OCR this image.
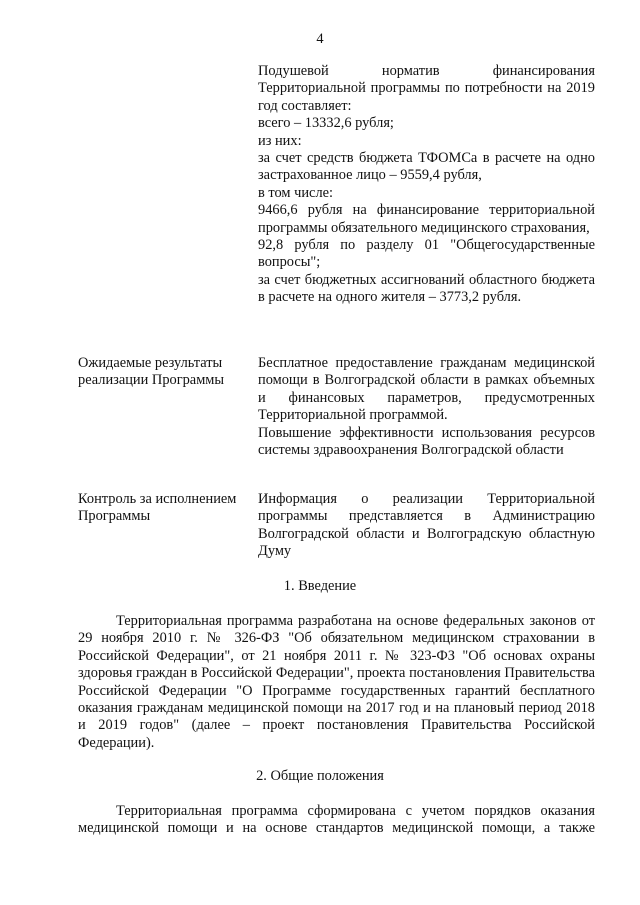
4

Подушевой норматив финансирования Территориальной программы по потребности на 2019 год составляет:

всего – 13332,6 рубля;

из них:

за счет средств бюджета ТФОМСа в расчете на одно застрахованное лицо – 9559,4 рубля,

в том числе:

9466,6 рубля на финансирование территориальной программы обязательного медицинского страхования,

92,8 рубля по разделу 01 "Общегосударственные вопросы";

за счет бюджетных ассигнований областного бюджета в расчете на одного жителя – 3773,2 рубля.

Ожидаемые результаты реализации Программы

Бесплатное предоставление гражданам медицинской помощи в Волгоградской области в рамках объемных и финансовых параметров, предусмотренных Территориальной программой.

Повышение эффективности использования ресурсов системы здравоохранения Волгоградской области

Контроль за исполнением Программы

Информация о реализации Территориальной программы представляется в Администрацию Волгоградской области и Волгоградскую областную Думу

1. Введение

Территориальная программа разработана на основе федеральных законов от 29 ноября 2010 г. № 326-ФЗ "Об обязательном медицинском страховании в Российской Федерации", от 21 ноября 2011 г. № 323-ФЗ "Об основах охраны здоровья граждан в Российской Федерации", проекта постановления Правительства Российской Федерации "О Программе государственных гарантий бесплатного оказания гражданам медицинской помощи на 2017 год и на плановый период 2018 и 2019 годов" (далее – проект постановления Правительства Российской Федерации).

2. Общие положения

Территориальная программа сформирована с учетом порядков оказания медицинской помощи и на основе стандартов медицинской помощи, а также
